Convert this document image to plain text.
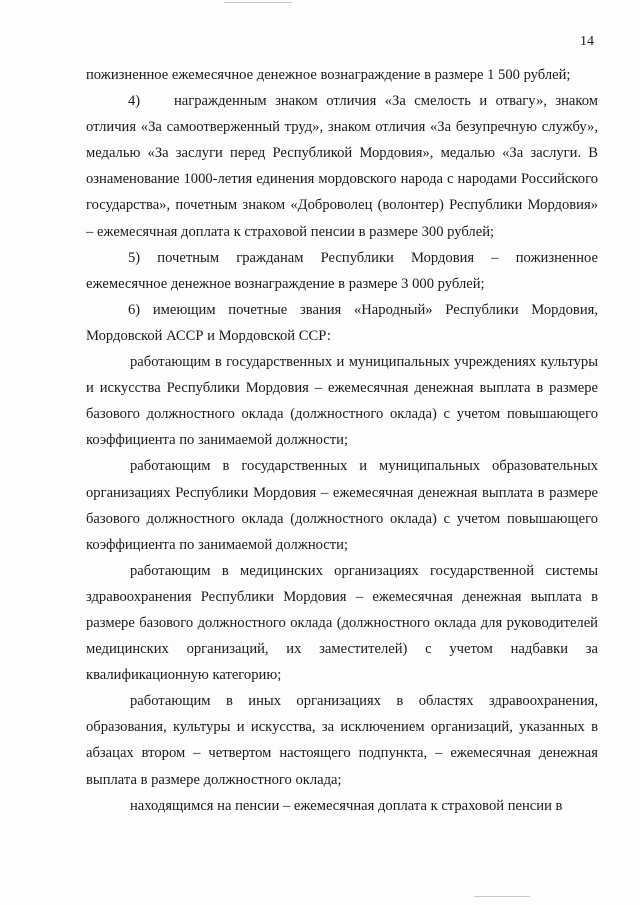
14

пожизненное ежемесячное денежное вознаграждение в размере 1 500 рублей;

4)    награжденным знаком отличия «За смелость и отвагу», знаком отличия «За самоотверженный труд», знаком отличия «За безупречную службу», медалью «За заслуги перед Республикой Мордовия», медалью «За заслуги. В ознаменование 1000-летия единения мордовского народа с народами Российского государства», почетным знаком «Доброволец (волонтер) Республики Мордовия» – ежемесячная доплата к страховой пенсии в размере 300 рублей;

5) почетным гражданам Республики Мордовия – пожизненное ежемесячное денежное вознаграждение в размере 3 000 рублей;

6) имеющим почетные звания «Народный» Республики Мордовия, Мордовской АССР и Мордовской ССР:

работающим в государственных и муниципальных учреждениях культуры и искусства Республики Мордовия – ежемесячная денежная выплата в размере базового должностного оклада (должностного оклада) с учетом повышающего коэффициента по занимаемой должности;

работающим в государственных и муниципальных образовательных организациях Республики Мордовия – ежемесячная денежная выплата в размере базового должностного оклада (должностного оклада) с учетом повышающего коэффициента по занимаемой должности;

работающим в медицинских организациях государственной системы здравоохранения Республики Мордовия – ежемесячная денежная выплата в размере базового должностного оклада (должностного оклада для руководителей медицинских организаций, их заместителей) с учетом надбавки за квалификационную категорию;

работающим в иных организациях в областях здравоохранения, образования, культуры и искусства, за исключением организаций, указанных в абзацах втором – четвертом настоящего подпункта, – ежемесячная денежная выплата в размере должностного оклада;

находящимся на пенсии – ежемесячная доплата к страховой пенсии в
